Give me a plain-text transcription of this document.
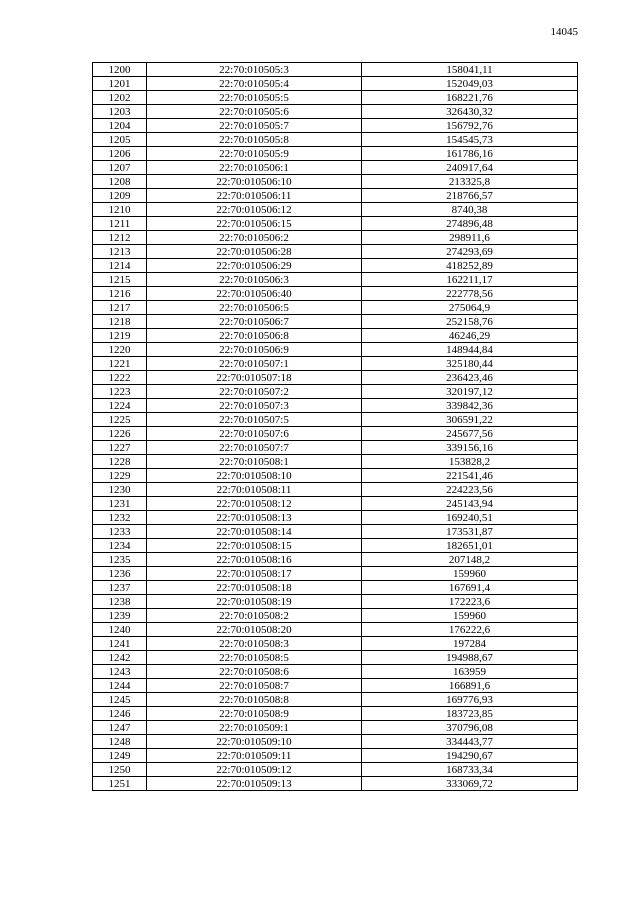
14045
1200	22:70:010505:3	158041,11
1201	22:70:010505:4	152049,03
1202	22:70:010505:5	168221,76
1203	22:70:010505:6	326430,32
1204	22:70:010505:7	156792,76
1205	22:70:010505:8	154545,73
1206	22:70:010505:9	161786,16
1207	22:70:010506:1	240917,64
1208	22:70:010506:10	213325,8
1209	22:70:010506:11	218766,57
1210	22:70:010506:12	8740,38
1211	22:70:010506:15	274896,48
1212	22:70:010506:2	298911,6
1213	22:70:010506:28	274293,69
1214	22:70:010506:29	418252,89
1215	22:70:010506:3	162211,17
1216	22:70:010506:40	222778,56
1217	22:70:010506:5	275064,9
1218	22:70:010506:7	252158,76
1219	22:70:010506:8	46246,29
1220	22:70:010506:9	148944,84
1221	22:70:010507:1	325180,44
1222	22:70:010507:18	236423,46
1223	22:70:010507:2	320197,12
1224	22:70:010507:3	339842,36
1225	22:70:010507:5	306591,22
1226	22:70:010507:6	245677,56
1227	22:70:010507:7	339156,16
1228	22:70:010508:1	153828,2
1229	22:70:010508:10	221541,46
1230	22:70:010508:11	224223,56
1231	22:70:010508:12	245143,94
1232	22:70:010508:13	169240,51
1233	22:70:010508:14	173531,87
1234	22:70:010508:15	182651,01
1235	22:70:010508:16	207148,2
1236	22:70:010508:17	159960
1237	22:70:010508:18	167691,4
1238	22:70:010508:19	172223,6
1239	22:70:010508:2	159960
1240	22:70:010508:20	176222,6
1241	22:70:010508:3	197284
1242	22:70:010508:5	194988,67
1243	22:70:010508:6	163959
1244	22:70:010508:7	166891,6
1245	22:70:010508:8	169776,93
1246	22:70:010508:9	183723,85
1247	22:70:010509:1	370796,08
1248	22:70:010509:10	334443,77
1249	22:70:010509:11	194290,67
1250	22:70:010509:12	168733,34
1251	22:70:010509:13	333069,72
